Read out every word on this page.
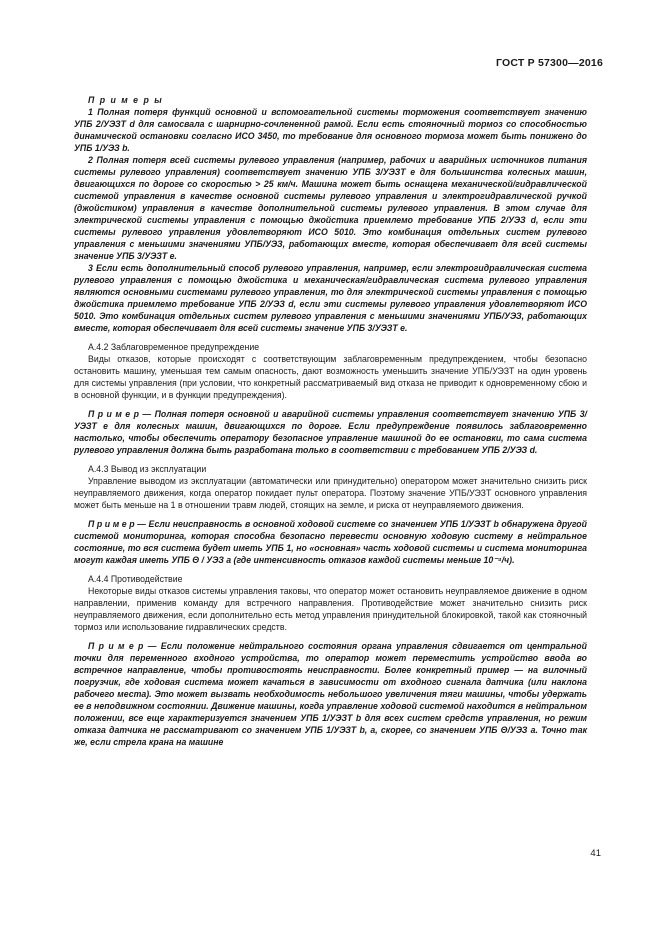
ГОСТ Р 57300—2016

П р и м е р ы

1 Полная потеря функций основной и вспомогательной системы торможения соответствует значению УПБ 2/УЭЗT d для самосвала с шарнирно-сочлененной рамой. Если есть стояночный тормоз со способностью динамической остановки согласно ИСО 3450, то требование для основного тормоза может быть понижено до УПБ 1/УЭЗ b.

2 Полная потеря всей системы рулевого управления (например, рабочих и аварийных источников питания системы рулевого управления) соответствует значению УПБ 3/УЭЗT e для большинства колесных машин, двигающихся по дороге со скоростью > 25 км/ч. Машина может быть оснащена механической/гидравлической системой управления в качестве основной системы рулевого управления и электрогидравлической ручкой (джойстиком) управления в качестве дополнительной системы рулевого управления. В этом случае для электрической системы управления с помощью джойстика приемлемо требование УПБ 2/УЭЗ d, если эти системы рулевого управления удовлетворяют ИСО 5010. Это комбинация отдельных систем рулевого управления с меньшими значениями УПБ/УЭЗ, работающих вместе, которая обеспечивает для всей системы значение УПБ 3/УЭЗT e.

3 Если есть дополнительный способ рулевого управления, например, если электрогидравлическая система рулевого управления с помощью джойстика и механическая/гидравлическая система рулевого управления являются основными системами рулевого управления, то для электрической системы управления с помощью джойстика приемлемо требование УПБ 2/УЭЗ d, если эти системы рулевого управления удовлетворяют ИСО 5010. Это комбинация отдельных систем рулевого управления с меньшими значениями УПБ/УЭЗ, работающих вместе, которая обеспечивает для всей системы значение УПБ 3/УЭЗT e.

А.4.2 Заблаговременное предупреждение

Виды отказов, которые происходят с соответствующим заблаговременным предупреждением, чтобы безопасно остановить машину, уменьшая тем самым опасность, дают возможность уменьшить значение УПБ/УЭЗT на один уровень для системы управления (при условии, что конкретный рассматриваемый вид отказа не приводит к одновременному сбою и в основной функции, и в функции предупреждения).

П р и м е р — Полная потеря основной и аварийной системы управления соответствует значению УПБ 3/УЭЗT e для колесных машин, двигающихся по дороге. Если предупреждение появилось заблаговременно настолько, чтобы обеспечить оператору безопасное управление машиной до ее остановки, то сама система рулевого управления должна быть разработана только в соответствии с требованием УПБ 2/УЭЗ d.

А.4.3 Вывод из эксплуатации

Управление выводом из эксплуатации (автоматически или принудительно) оператором может значительно снизить риск неуправляемого движения, когда оператор покидает пульт оператора. Поэтому значение УПБ/УЭЗT основного управления может быть меньше на 1 в отношении травм людей, стоящих на земле, и риска от неуправляемого движения.

П р и м е р — Если неисправность в основной ходовой системе со значением УПБ 1/УЭЗT b обнаружена другой системой мониторинга, которая способна безопасно перевести основную ходовую систему в нейтральное состояние, то вся система будет иметь УПБ 1, но «основная» часть ходовой системы и система мониторинга могут каждая иметь УПБ Θ / УЭЗ a (где интенсивность отказов каждой системы меньше 10⁻⁴/ч).

А.4.4 Противодействие

Некоторые виды отказов системы управления таковы, что оператор может остановить неуправляемое движение в одном направлении, применив команду для встречного направления. Противодействие может значительно снизить риск неуправляемого движения, если дополнительно есть метод управления принудительной блокировкой, такой как стояночный тормоз или использование гидравлических средств.

П р и м е р — Если положение нейтрального состояния органа управления сдвигается от центральной точки для переменного входного устройства, то оператор может переместить устройство ввода во встречное направление, чтобы противостоять неисправности. Более конкретный пример — на вилочный погрузчик, где ходовая система может качаться в зависимости от входного сигнала датчика (или наклона рабочего места). Это может вызвать необходимость небольшого увеличения тяги машины, чтобы удержать ее в неподвижном состоянии. Движение машины, когда управление ходовой системой находится в нейтральном положении, все еще характеризуется значением УПБ 1/УЭЗT b для всех систем средств управления, но режим отказа датчика не рассматривают со значением УПБ 1/УЭЗT b, а, скорее, со значением УПБ Θ/УЭЗ a. Точно так же, если стрела крана на машине

41
